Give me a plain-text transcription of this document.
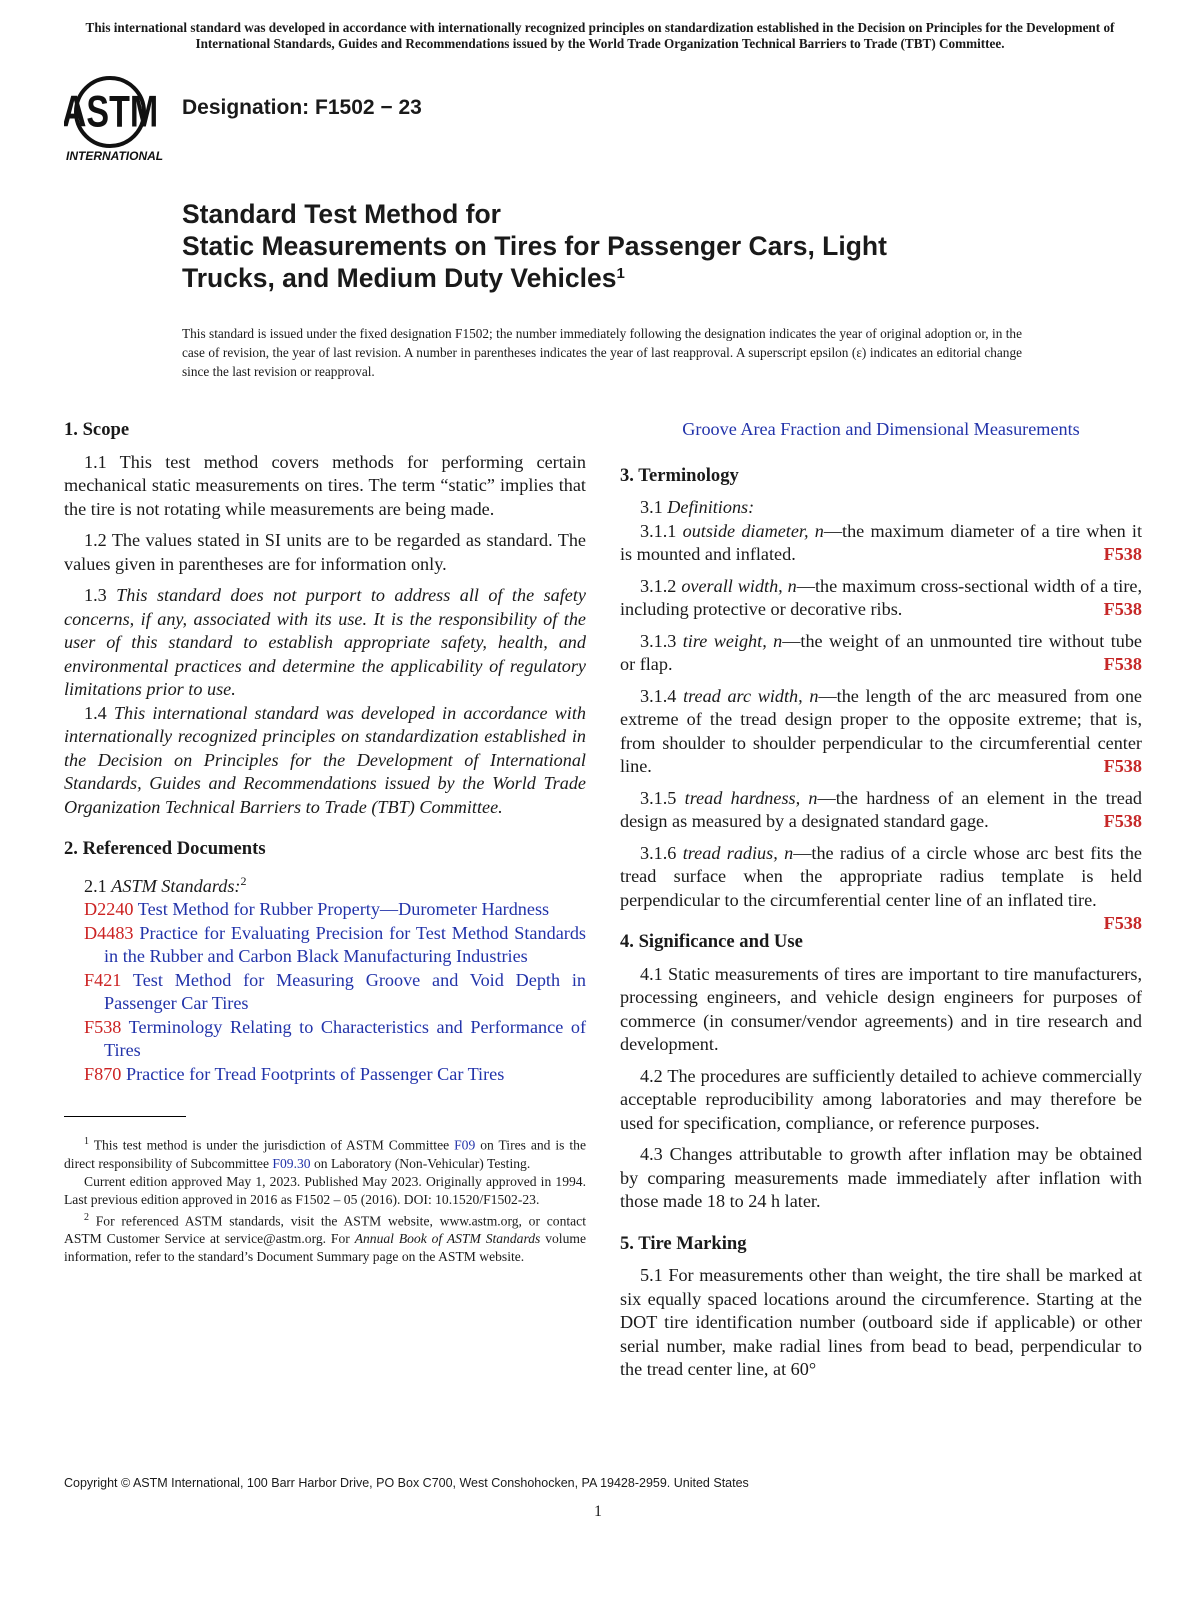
This international standard was developed in accordance with internationally recognized principles on standardization established in the Decision on Principles for the Development of International Standards, Guides and Recommendations issued by the World Trade Organization Technical Barriers to Trade (TBT) Committee.
ASTM
INTERNATIONAL
Designation: F1502 − 23
Standard Test Method for
Static Measurements on Tires for Passenger Cars, Light Trucks, and Medium Duty Vehicles$^1$
This standard is issued under the fixed designation F1502; the number immediately following the designation indicates the year of original adoption or, in the case of revision, the year of last revision. A number in parentheses indicates the year of last reapproval. A superscript epsilon (ε) indicates an editorial change since the last revision or reapproval.
1. Scope

1.1 This test method covers methods for performing certain mechanical static measurements on tires. The term “static” implies that the tire is not rotating while measurements are being made.

1.2 The values stated in SI units are to be regarded as standard. The values given in parentheses are for information only.

1.3 This standard does not purport to address all of the safety concerns, if any, associated with its use. It is the responsibility of the user of this standard to establish appropriate safety, health, and environmental practices and determine the applicability of regulatory limitations prior to use.

1.4 This international standard was developed in accordance with internationally recognized principles on standardization established in the Decision on Principles for the Development of International Standards, Guides and Recommendations issued by the World Trade Organization Technical Barriers to Trade (TBT) Committee.

2. Referenced Documents

2.1 ASTM Standards:$^2$

D2240 Test Method for Rubber Property—Durometer Hardness
D4483 Practice for Evaluating Precision for Test Method Standards in the Rubber and Carbon Black Manufacturing Industries
F421 Test Method for Measuring Groove and Void Depth in Passenger Car Tires
F538 Terminology Relating to Characteristics and Performance of Tires
F870 Practice for Tread Footprints of Passenger Car Tires

$^1$ This test method is under the jurisdiction of ASTM Committee F09 on Tires and is the direct responsibility of Subcommittee F09.30 on Laboratory (Non-Vehicular) Testing.

Current edition approved May 1, 2023. Published May 2023. Originally approved in 1994. Last previous edition approved in 2016 as F1502 – 05 (2016). DOI: 10.1520/F1502-23.

$^2$ For referenced ASTM standards, visit the ASTM website, www.astm.org, or contact ASTM Customer Service at service@astm.org. For Annual Book of ASTM Standards volume information, refer to the standard’s Document Summary page on the ASTM website.

Groove Area Fraction and Dimensional Measurements

3. Terminology

3.1 Definitions:

3.1.1 outside diameter, n—the maximum diameter of a tire when it is mounted and inflated.	F538

3.1.2 overall width, n—the maximum cross-sectional width of a tire, including protective or decorative ribs.	F538

3.1.3 tire weight, n—the weight of an unmounted tire without tube or flap.	F538

3.1.4 tread arc width, n—the length of the arc measured from one extreme of the tread design proper to the opposite extreme; that is, from shoulder to shoulder perpendicular to the circumferential center line.	F538

3.1.5 tread hardness, n—the hardness of an element in the tread design as measured by a designated standard gage.	F538

3.1.6 tread radius, n—the radius of a circle whose arc best fits the tread surface when the appropriate radius template is held perpendicular to the circumferential center line of an inflated tire.
F538

4. Significance and Use

4.1 Static measurements of tires are important to tire manufacturers, processing engineers, and vehicle design engineers for purposes of commerce (in consumer/vendor agreements) and in tire research and development.

4.2 The procedures are sufficiently detailed to achieve commercially acceptable reproducibility among laboratories and may therefore be used for specification, compliance, or reference purposes.

4.3 Changes attributable to growth after inflation may be obtained by comparing measurements made immediately after inflation with those made 18 to 24 h later.

5. Tire Marking

5.1 For measurements other than weight, the tire shall be marked at six equally spaced locations around the circumference. Starting at the DOT tire identification number (outboard side if applicable) or other serial number, make radial lines from bead to bead, perpendicular to the tread center line, at 60°

Copyright © ASTM International, 100 Barr Harbor Drive, PO Box C700, West Conshohocken, PA 19428-2959. United States
1
